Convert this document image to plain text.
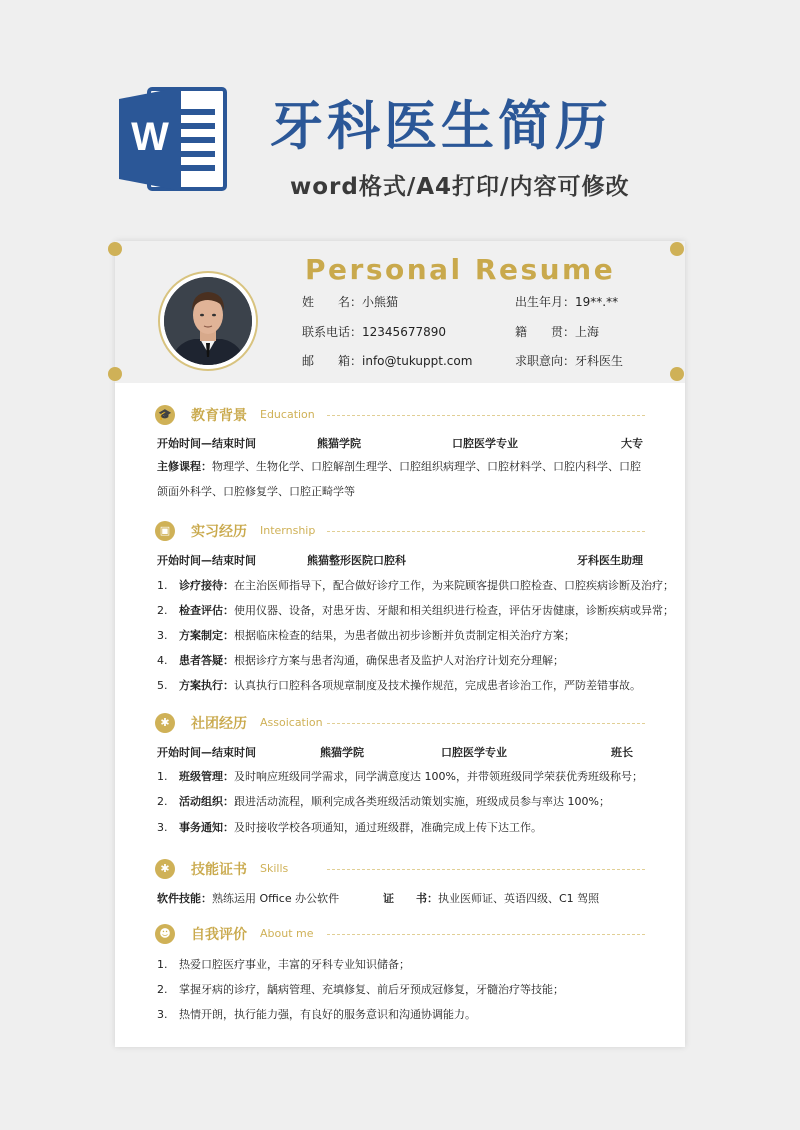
W 牙科医生简历
word格式/A4打印/内容可修改
Personal Resume
姓　　名：小熊猫	出生年月：19**.**
联系电话：12345677890	籍　　贯：上海
邮　　箱：info@tukuppt.com	求职意向：牙科医生
🎓 教育背景 Education
开始时间—结束时间	熊猫学院	口腔医学专业	大专
主修课程：物理学、生物化学、口腔解剖生理学、口腔组织病理学、口腔材料学、口腔内科学、口腔颌面外科学、口腔修复学、口腔正畸学等
▣	实习经历 Internship
开始时间—结束时间	熊猫整形医院口腔科	牙科医生助理
1. 诊疗接待：在主治医师指导下，配合做好诊疗工作，为来院顾客提供口腔检查、口腔疾病诊断及治疗；
2. 检查评估：使用仪器、设备，对患牙齿、牙龈和相关组织进行检查，评估牙齿健康，诊断疾病或异常；
3. 方案制定：根据临床检查的结果，为患者做出初步诊断并负责制定相关治疗方案；
4. 患者答疑：根据诊疗方案与患者沟通，确保患者及监护人对治疗计划充分理解；
5. 方案执行：认真执行口腔科各项规章制度及技术操作规范，完成患者诊治工作，严防差错事故。
✱	社团经历 Assoication
开始时间—结束时间	熊猫学院	口腔医学专业	班长
1. 班级管理：及时响应班级同学需求，同学满意度达 100%，并带领班级同学荣获优秀班级称号；
2. 活动组织：跟进活动流程，顺利完成各类班级活动策划实施，班级成员参与率达 100%；
3. 事务通知：及时接收学校各项通知，通过班级群，准确完成上传下达工作。
✱	技能证书 Skills
软件技能：熟练运用 Office 办公软件	证　　书：执业医师证、英语四级、C1 驾照
☻	自我评价 About me
1. 热爱口腔医疗事业，丰富的牙科专业知识储备；
2. 掌握牙病的诊疗，龋病管理、充填修复、前后牙预成冠修复，牙髓治疗等技能；
3. 热情开朗，执行能力强，有良好的服务意识和沟通协调能力。
